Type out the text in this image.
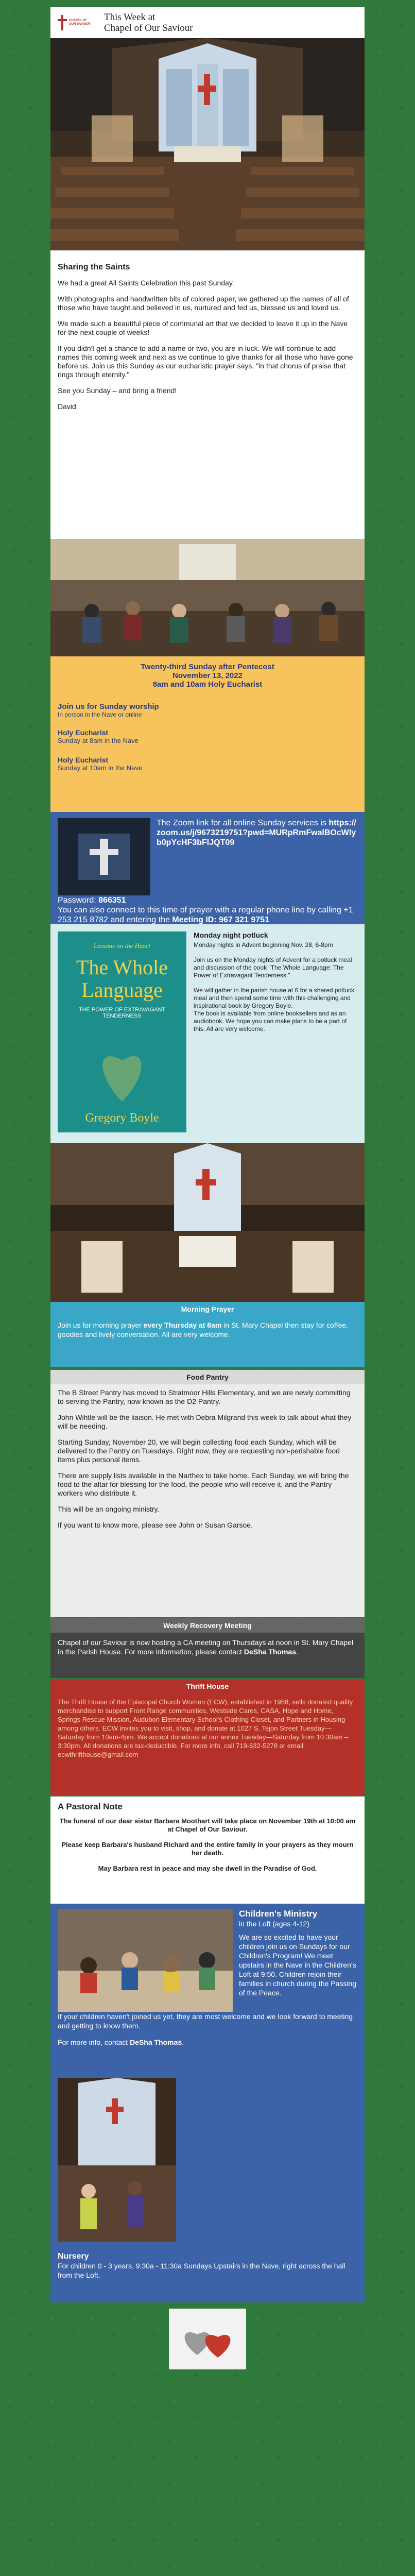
CHAPEL OF OUR SAVIOUR
This Week at
Chapel of Our Saviour

Sharing the Saints

We had a great All Saints Celebration this past Sunday.

With photographs and handwritten bits of colored paper, we gathered up the names of all of those who have taught and believed in us, nurtured and fed us, blessed us and loved us.

We made such a beautiful piece of communal art that we decided to leave it up in the Nave for the next couple of weeks!

If you didn't get a chance to add a name or two, you are in luck. We will continue to add names this coming week and next as we continue to give thanks for all those who have gone before us. Join us this Sunday as our eucharistic prayer says, "in that chorus of praise that rings through eternity."

See you Sunday – and bring a friend!

David

Twenty-third Sunday after Pentecost
November 13, 2022
8am and 10am Holy Eucharist
Join us for Sunday worship
In person in the Nave or online
Holy Eucharist
Sunday at 8am in the Nave
Holy Eucharist
Sunday at 10am in the Nave
The Zoom link for all online Sunday services is https://zoom.us/j/9673219751?pwd=MURpRmFwalBOcWlyb0pYcHF3bFlJQT09
Password: 866351
You can also connect to this time of prayer with a regular phone line by calling +1 253 215 8782 and entering the Meeting ID: 967 321 9751
Lessons on the Heart
The Whole
Language
THE POWER OF EXTRAVAGANT TENDERNESS
Gregory Boyle
Monday night potluck

Monday nights in Advent beginning Nov. 28, 6-8pm

Join us on the Monday nights of Advent for a potluck meal and discussion of the book "The Whole Language: The Power of Extravagant Tenderness."

We will gather in the parish house at 6 for a shared potluck meal and then spend some time with this challenging and inspirational book by Gregory Boyle.

The book is available from online booksellers and as an audiobook. We hope you can make plans to be a part of this. All are very welcome.

Morning Prayer
Join us for morning prayer every Thursday at 8am in St. Mary Chapel then stay for coffee, goodies and lively conversation. All are very welcome.
Food Pantry

The B Street Pantry has moved to Stratmoor Hills Elementary, and we are newly committing to serving the Pantry, now known as the D2 Pantry.

John Wihtle will be the liaison. He met with Debra Milgrand this week to talk about what they will be needing.

Starting Sunday, November 20, we will begin collecting food each Sunday, which will be delivered to the Pantry on Tuesdays. Right now, they are requesting non-perishable food items plus personal items.

There are supply lists available in the Narthex to take home. Each Sunday, we will bring the food to the altar for blessing for the food, the people who will receive it, and the Pantry workers who distribute it.

This will be an ongoing ministry.

If you want to know more, please see John or Susan Garsoe.

Weekly Recovery Meeting
Chapel of our Saviour is now hosting a CA meeting on Thursdays at noon in St. Mary Chapel in the Parish House. For more information, please contact DeSha Thomas.
Thrift House
The Thrift House of the Episcopal Church Women (ECW), established in 1958, sells donated quality merchandise to support Front Range communities, Westside Cares, CASA, Hope and Home, Springs Rescue Mission, Audubon Elementary School's Clothing Closet, and Partners in Housing among others. ECW invites you to visit, shop, and donate at 1027 S. Tejon Street Tuesday—Saturday from 10am-4pm. We accept donations at our annex Tuesday—Saturday from 10:30am – 3:30pm. All donations are tax-deductible. For more info, call 719-632-5278 or email ecwthrifthouse@gmail.com
A Pastoral Note

The funeral of our dear sister Barbara Moothart will take place on November 19th at 10:00 am at Chapel of Our Saviour.

Please keep Barbara's husband Richard and the entire family in your prayers as they mourn her death.

May Barbara rest in peace and may she dwell in the Paradise of God.

Children's Ministry
in the Loft (ages 4-12)

We are so excited to have your children join us on Sundays for our Children's Program! We meet upstairs in the Nave in the Children's Loft at 9:50. Children rejoin their families in church during the Passing of the Peace.

If your children haven't joined us yet, they are most welcome and we look forward to meeting and getting to know them.

For more info, contact DeSha Thomas.

Nursery
For children 0 - 3 years. 9:30a - 11:30a Sundays Upstairs in the Nave, right across the hall from the Loft.
